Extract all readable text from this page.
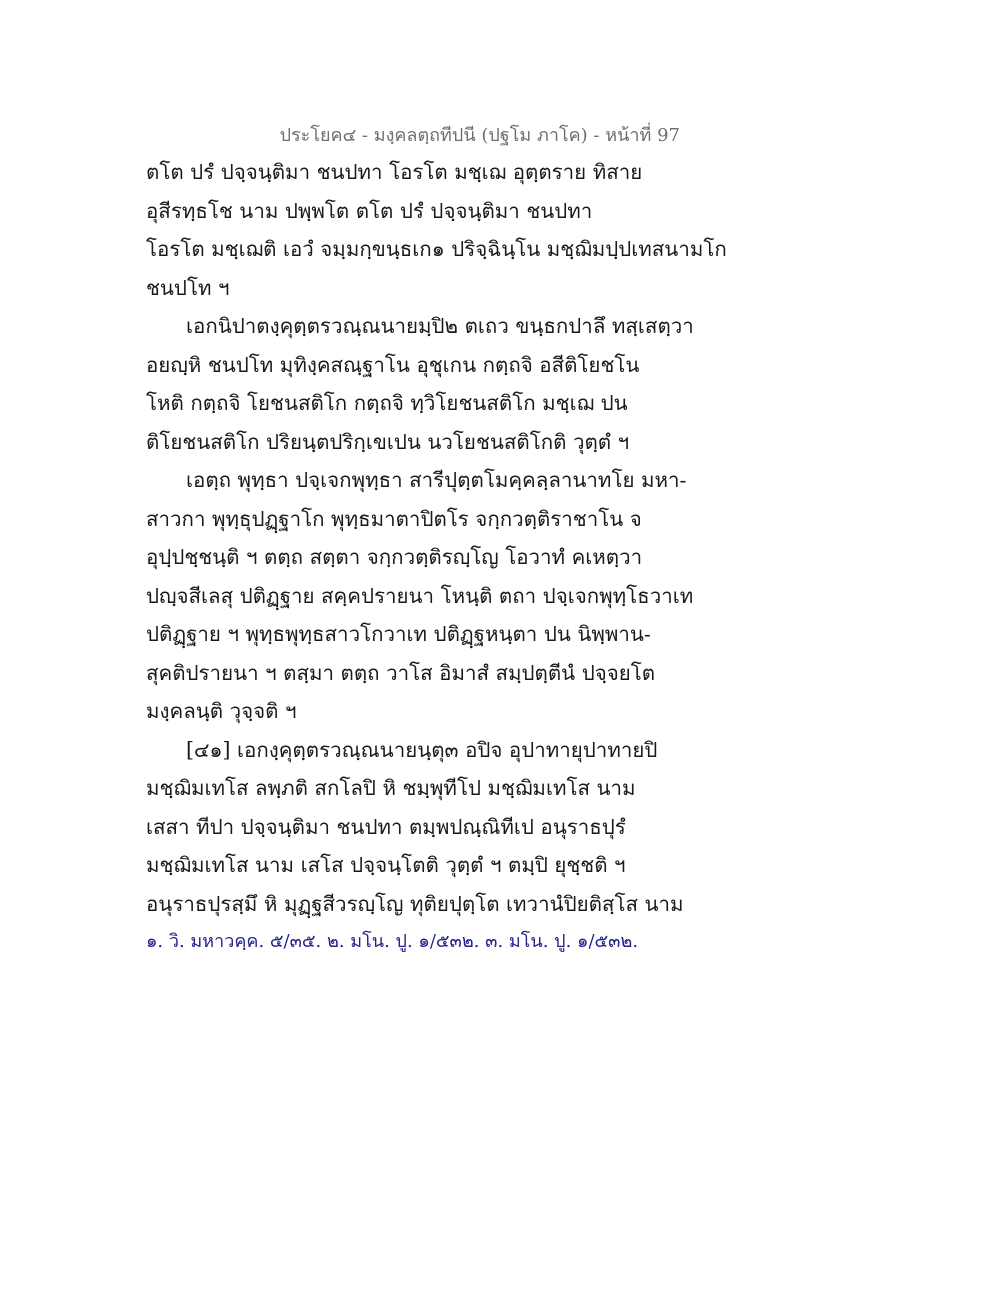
ประโยค๔ - มงฺคลตฺถทีปนี (ปฐโม ภาโค) - หน้าที่ 97
ตโต ปรํ ปจฺจนฺติมา ชนปทา โอรโต มชฺเฌ อุตฺตราย ทิสาย
อุสีรทฺธโช นาม ปพฺพโต ตโต ปรํ ปจฺจนฺติมา ชนปทา
โอรโต มชฺเฌติ เอวํ จมฺมกฺขนฺธเก๑ ปริจฺฉินฺโน มชฺฌิมปฺปเทสนามโก
ชนปโท ฯ
เอกนิปาตงฺคุตฺตรวณฺณนายมฺปิ๒ ตเถว ขนฺธกปาลึ ทสฺเสตฺวา
อยญฺหิ ชนปโท มุทิงฺคสณฺฐาโน อุชุเกน กตฺถจิ อสีติโยชโน
โหติ กตฺถจิ โยชนสติโก กตฺถจิ ทฺวิโยชนสติโก มชฺเฌ ปน
ติโยชนสติโก ปริยนฺตปริกฺเขเปน นวโยชนสติโกติ วุตฺตํ ฯ
เอตฺถ พุทฺธา ปจฺเจกพุทฺธา สารีปุตฺตโมคฺคลฺลานาทโย มหา-
สาวกา พุทฺธุปฏฺฐาโก พุทฺธมาตาปิตโร จกฺกวตฺติราชาโน จ
อุปฺปชฺชนฺติ ฯ ตตฺถ สตฺตา จกฺกวตฺติรญฺโญ โอวาทํ คเหตฺวา
ปญฺจสีเลสุ ปติฏฺฐาย สคฺคปรายนา โหนฺติ ตถา ปจฺเจกพุทฺโธวาเท
ปติฏฺฐาย ฯ พุทฺธพุทฺธสาวโกวาเท ปติฏฺฐหนฺตา ปน นิพฺพาน-
สุคติปรายนา ฯ ตสฺมา ตตฺถ วาโส อิมาสํ สมฺปตฺตีนํ ปจฺจยโต
มงฺคลนฺติ วุจฺจติ ฯ
[๔๑] เอกงฺคุตฺตรวณฺณนายนฺตุ๓ อปิจ อุปาทายุปาทายปิ
มชฺฌิมเทโส ลพฺภติ สกโลปิ หิ ชมฺพุทีโป มชฺฌิมเทโส นาม
เสสา ทีปา ปจฺจนฺติมา ชนปทา ตมฺพปณฺณิทีเป อนุราธปุรํ
มชฺฌิมเทโส นาม เสโส ปจฺจนฺโตติ วุตฺตํ ฯ ตมฺปิ ยุชฺชติ ฯ
อนุราธปุรสฺมึ หิ มุฏฺฐสีวรญฺโญ ทุติยปุตฺโต เทวานํปิยติสฺโส นาม
๑. วิ. มหาวคฺค. ๕/๓๕. ๒. มโน. ปู. ๑/๕๓๒. ๓. มโน. ปู. ๑/๕๓๒.
